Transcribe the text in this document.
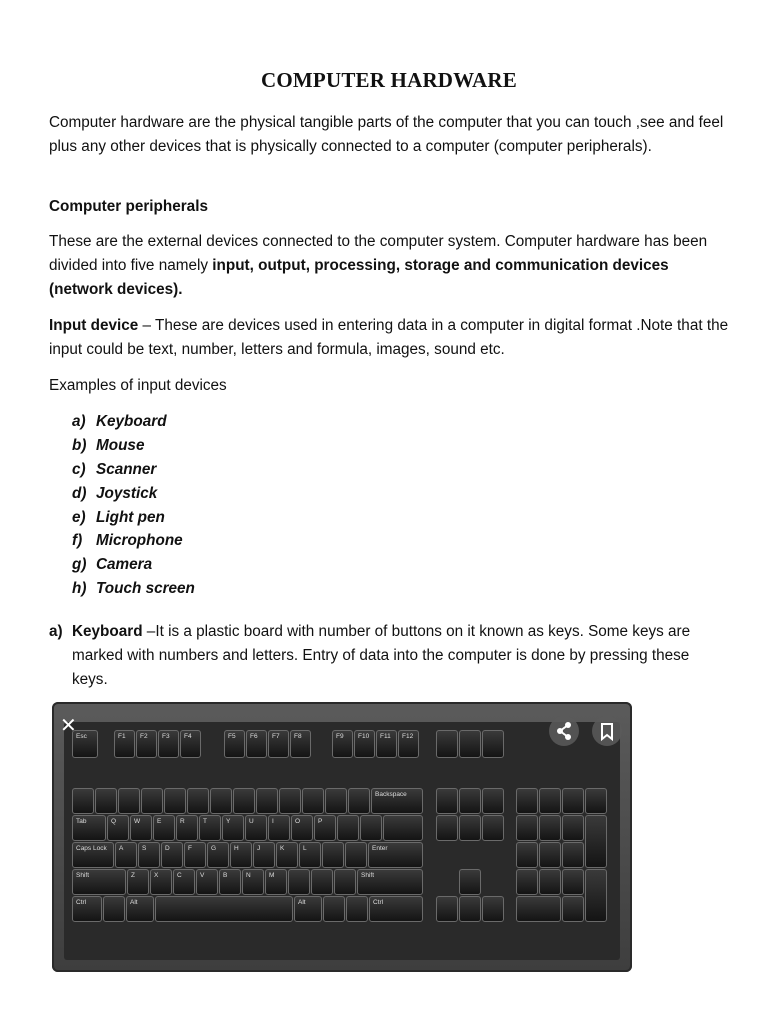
COMPUTER HARDWARE

Computer hardware are the physical tangible parts of the computer that you can touch ,see and feel plus any other devices that is physically connected to a computer (computer peripherals).

Computer peripherals

These are the external devices connected to the computer system. Computer hardware has been divided into five namely input, output, processing, storage and communication devices (network devices).

Input device – These are devices used in entering data in a computer in digital format .Note that the input could be text, number, letters and formula, images, sound etc.

Examples of input devices

a) Keyboard
b) Mouse
c) Scanner
d) Joystick
e) Light pen
f) Microphone
g) Camera
h) Touch screen
a) Keyboard –It is a plastic board with number of buttons on it known as keys. Some keys are marked with numbers and letters. Entry of data into the computer is done by pressing these keys.
Esc	F1	F2	F3	F4	F5	F6	F7	F8	F9	F10	F11	F12
Backspace
Tab	Q	W	E	R	T	Y	U	I	O	P
Caps Lock	A	S	D	F	G	H	J	K	L	Enter
Shift	Z	X	C	V	B	N	M	Shift
Ctrl	Alt	Alt	Ctrl
✕
